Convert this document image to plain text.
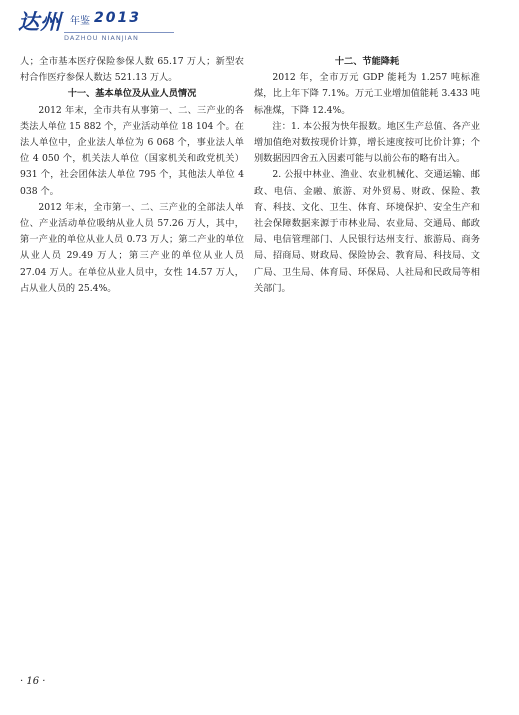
达州 年鉴 2013
DAZHOU NIANJIAN

人；全市基本医疗保险参保人数 65.17 万人；新型农村合作医疗参保人数达 521.13 万人。

十一、基本单位及从业人员情况

2012 年末，全市共有从事第一、二、三产业的各类法人单位 15 882 个，产业活动单位 18 104 个。在法人单位中，企业法人单位为 6 068 个，事业法人单位 4 050 个，机关法人单位（国家机关和政党机关）931 个，社会团体法人单位 795 个，其他法人单位 4 038 个。

2012 年末，全市第一、二、三产业的全部法人单位、产业活动单位吸纳从业人员 57.26 万人，其中，第一产业的单位从业人员 0.73 万人；第二产业的单位从业人员 29.49 万人；第三产业的单位从业人员 27.04 万人。在单位从业人员中，女性 14.57 万人，占从业人员的 25.4%。

十二、节能降耗

2012 年，全市万元 GDP 能耗为 1.257 吨标准煤，比上年下降 7.1%。万元工业增加值能耗 3.433 吨标准煤，下降 12.4%。

注：1. 本公报为快年报数。地区生产总值、各产业增加值绝对数按现价计算，增长速度按可比价计算；个别数据因四舍五入因素可能与以前公布的略有出入。

2. 公报中林业、渔业、农业机械化、交通运输、邮政、电信、金融、旅游、对外贸易、财政、保险、教育、科技、文化、卫生、体育、环境保护、安全生产和社会保障数据来源于市林业局、农业局、交通局、邮政局、电信管理部门、人民银行达州支行、旅游局、商务局、招商局、财政局、保险协会、教育局、科技局、文广局、卫生局、体育局、环保局、人社局和民政局等相关部门。

· 16 ·
